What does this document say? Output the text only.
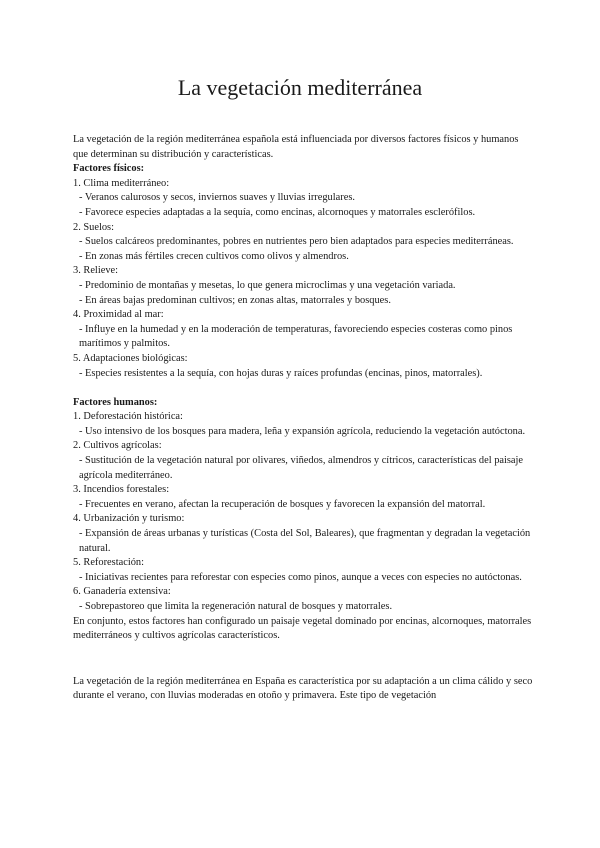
La vegetación mediterránea

La vegetación de la región mediterránea española está influenciada por diversos factores físicos y humanos que determinan su distribución y características.

Factores físicos:

1. Clima mediterráneo:

- Veranos calurosos y secos, inviernos suaves y lluvias irregulares.

- Favorece especies adaptadas a la sequía, como encinas, alcornoques y matorrales esclerófilos.

2. Suelos:

- Suelos calcáreos predominantes, pobres en nutrientes pero bien adaptados para especies mediterráneas.

- En zonas más fértiles crecen cultivos como olivos y almendros.

3. Relieve:

- Predominio de montañas y mesetas, lo que genera microclimas y una vegetación variada.

- En áreas bajas predominan cultivos; en zonas altas, matorrales y bosques.

4. Proximidad al mar:

- Influye en la humedad y en la moderación de temperaturas, favoreciendo especies costeras como pinos marítimos y palmitos.

5. Adaptaciones biológicas:

- Especies resistentes a la sequía, con hojas duras y raíces profundas (encinas, pinos, matorrales).

Factores humanos:

1. Deforestación histórica:

- Uso intensivo de los bosques para madera, leña y expansión agrícola, reduciendo la vegetación autóctona.

2. Cultivos agrícolas:

- Sustitución de la vegetación natural por olivares, viñedos, almendros y cítricos, características del paisaje agrícola mediterráneo.

3. Incendios forestales:

- Frecuentes en verano, afectan la recuperación de bosques y favorecen la expansión del matorral.

4. Urbanización y turismo:

- Expansión de áreas urbanas y turísticas (Costa del Sol, Baleares), que fragmentan y degradan la vegetación natural.

5. Reforestación:

- Iniciativas recientes para reforestar con especies como pinos, aunque a veces con especies no autóctonas.

6. Ganadería extensiva:

- Sobrepastoreo que limita la regeneración natural de bosques y matorrales.

En conjunto, estos factores han configurado un paisaje vegetal dominado por encinas, alcornoques, matorrales mediterráneos y cultivos agrícolas característicos.

La vegetación de la región mediterránea en España es característica por su adaptación a un clima cálido y seco durante el verano, con lluvias moderadas en otoño y primavera. Este tipo de vegetación
